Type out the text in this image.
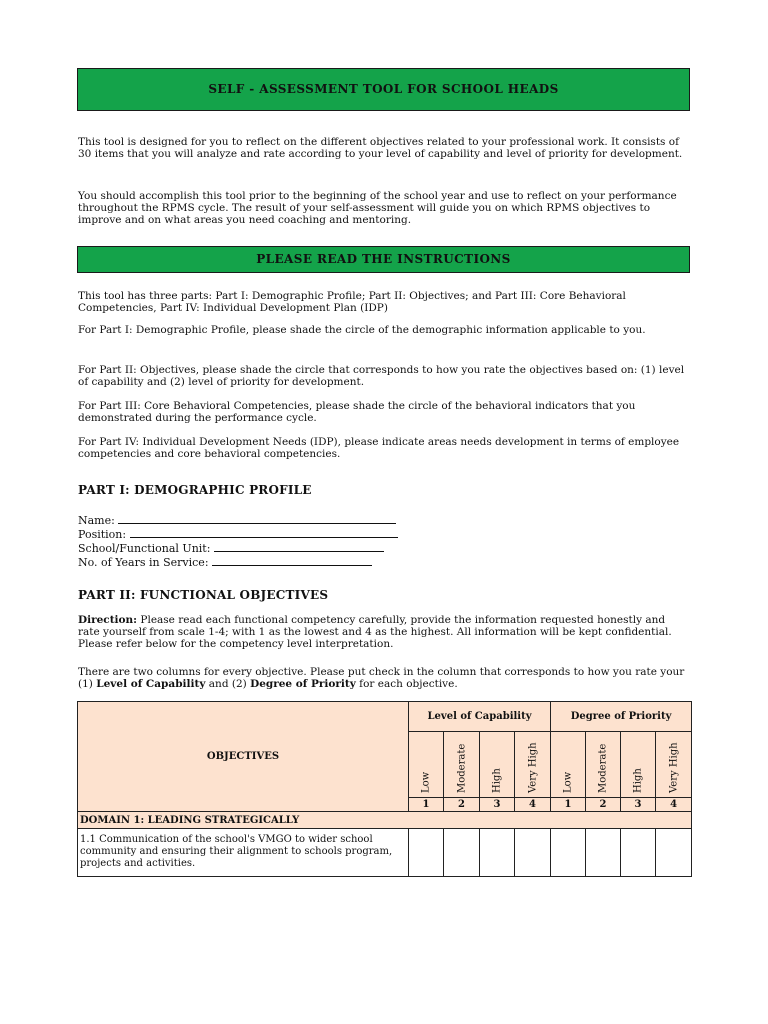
SELF - ASSESSMENT TOOL FOR SCHOOL HEADS

This tool is designed for you to reflect on the different objectives related to your professional work. It consists of 30 items that you will analyze and rate according to your level of capability and level of priority for development.

You should accomplish this tool prior to the beginning of the school year and use to reflect on your performance throughout the RPMS cycle. The result of your self-assessment will guide you on which RPMS objectives to improve and on what areas you need coaching and mentoring.

PLEASE READ THE INSTRUCTIONS

This tool has three parts: Part I: Demographic Profile; Part II: Objectives; and Part III: Core Behavioral Competencies, Part IV: Individual Development Plan (IDP)

For Part I: Demographic Profile, please shade the circle of the demographic information applicable to you.

For Part II: Objectives, please shade the circle that corresponds to how you rate the objectives based on: (1) level of capability and (2) level of priority for development.

For Part III: Core Behavioral Competencies, please shade the circle of the behavioral indicators that you demonstrated during the performance cycle.

For Part IV: Individual Development Needs (IDP), please indicate areas needs development in terms of employee competencies and core behavioral competencies.

PART I: DEMOGRAPHIC PROFILE
Name:
Position:
School/Functional Unit:
No. of Years in Service:
PART II: FUNCTIONAL OBJECTIVES

Direction: Please read each functional competency carefully, provide the information requested honestly and rate yourself from scale 1-4; with 1 as the lowest and 4 as the highest. All information will be kept confidential. Please refer below for the competency level interpretation.

There are two columns for every objective. Please put check in the column that corresponds to how you rate your (1) Level of Capability and (2) Degree of Priority for each objective.

OBJECTIVES	Level of Capability				Degree of Priority			

	Low	Moderate	High	Very High	Low	Moderate	High	Very High

	1	2	3	4	1	2	3	4
DOMAIN 1: LEADING STRATEGICALLY								
1.1 Communication of the school's VMGO to wider school community and ensuring their alignment to schools program, projects and activities.								
